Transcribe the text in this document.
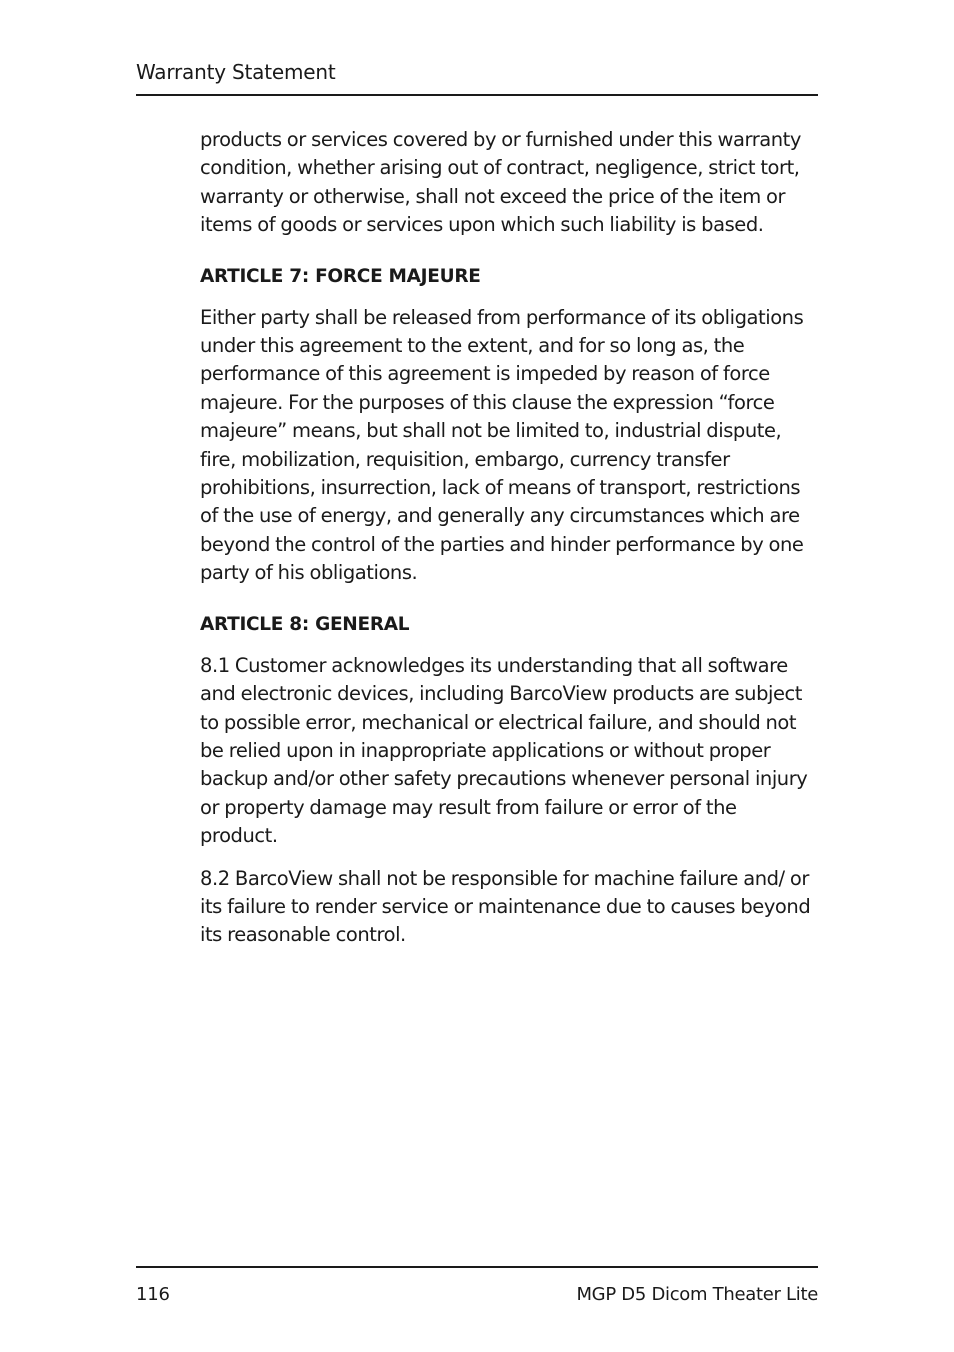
Warranty Statement

products or services covered by or furnished under this warranty condition, whether arising out of contract, negligence, strict tort, warranty or otherwise, shall not exceed the price of the item or items of goods or services upon which such liability is based.

ARTICLE 7: FORCE MAJEURE

Either party shall be released from performance of its obligations under this agreement to the extent, and for so long as, the performance of this agreement is impeded by reason of force majeure. For the purposes of this clause the expression “force majeure” means, but shall not be limited to, industrial dispute, fire, mobilization, requisition, embargo, currency transfer prohibitions, insurrection, lack of means of transport, restrictions of the use of energy, and generally any circumstances which are beyond the control of the parties and hinder performance by one party of his obligations.

ARTICLE 8: GENERAL

8.1 Customer acknowledges its understanding that all software and electronic devices, including BarcoView products are subject to possible error, mechanical or electrical failure, and should not be relied upon in inappropriate applications or without proper backup and/or other safety precautions whenever personal injury or property damage may result from failure or error of the product.

8.2 BarcoView shall not be responsible for machine failure and/ or its failure to render service or maintenance due to causes beyond its reasonable control.

116	MGP D5 Dicom Theater Lite
